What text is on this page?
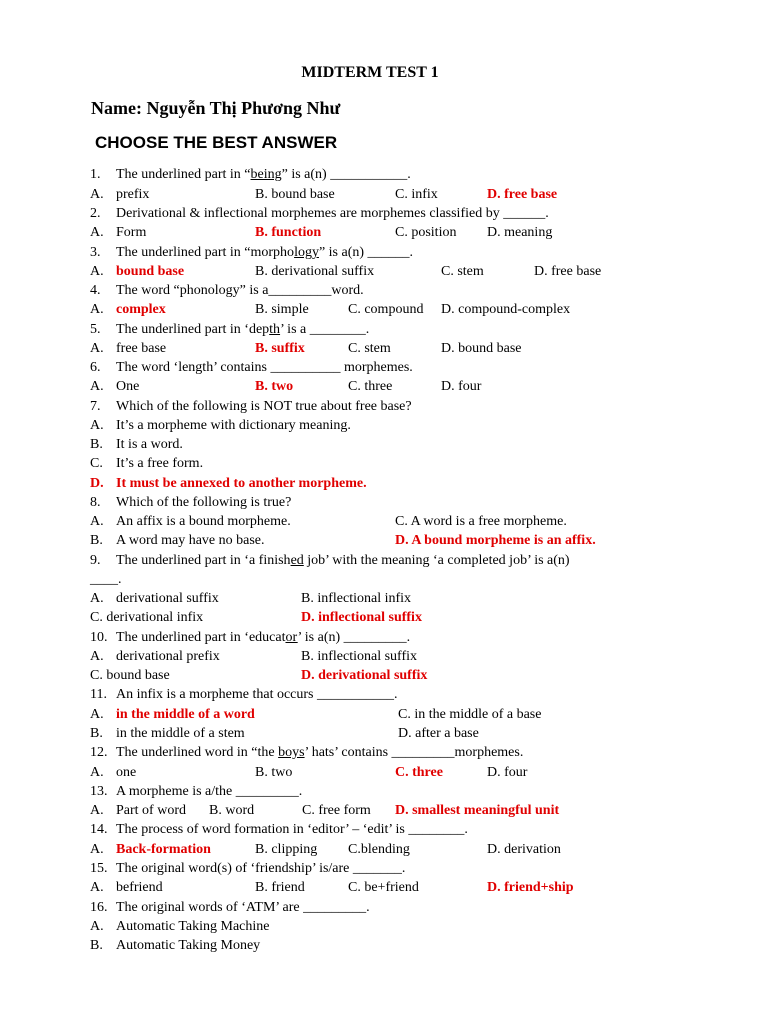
MIDTERM TEST 1
Name: Nguyễn Thị Phương Như
CHOOSE THE BEST ANSWER
1. The underlined part in “being” is a(n) ___________.
A. prefix	B. bound base	C. infix	D. free base
2. Derivational & inflectional morphemes are morphemes classified by ______.
A. Form	B. function	C. position D. meaning
3. The underlined part in “morphology” is a(n) ______.
A. bound base	B. derivational suffix	C. stem	D. free base
4. The word “phonology” is a_________word.
A. complex	B. simple	C. compound D. compound-complex
5. The underlined part in ‘depth’ is a ________.
A. free base	B. suffix	C. stem	D. bound base
6. The word ‘length’ contains __________ morphemes.
A. One	B. two	C. three	D. four
7. Which of the following is NOT true about free base?
A. It’s a morpheme with dictionary meaning.
B. It is a word.
C. It’s a free form.
D. It must be annexed to another morpheme.
8. Which of the following is true?
A. An affix is a bound morpheme.	C. A word is a free morpheme.
B. A word may have no base.	D. A bound morpheme is an affix.
9. The underlined part in ‘a finished job’ with the meaning ‘a completed job’ is a(n)
____.
A. derivational suffix	B. inflectional infix
C. derivational infix	D. inflectional suffix
10. The underlined part in ‘educator’ is a(n) _________.
A. derivational prefix	B. inflectional suffix
C. bound base	D. derivational suffix
11. An infix is a morpheme that occurs ___________.
A. in the middle of a word	C. in the middle of a base
B. in the middle of a stem	D. after a base
12. The underlined word in “the boys’ hats’ contains _________morphemes.
A. one	B. two	C. three	D. four
13. A morpheme is a/the _________.
A. Part of word B. word	C. free form D. smallest meaningful unit
14. The process of word formation in ‘editor’ – ‘edit’ is ________.
A. Back-formation	B. clipping C.blending	D. derivation
15. The original word(s) of ‘friendship’ is/are _______.
A. befriend	B. friend	C. be+friend	D. friend+ship
16. The original words of ‘ATM’ are _________.
A. Automatic Taking Machine
B. Automatic Taking Money
